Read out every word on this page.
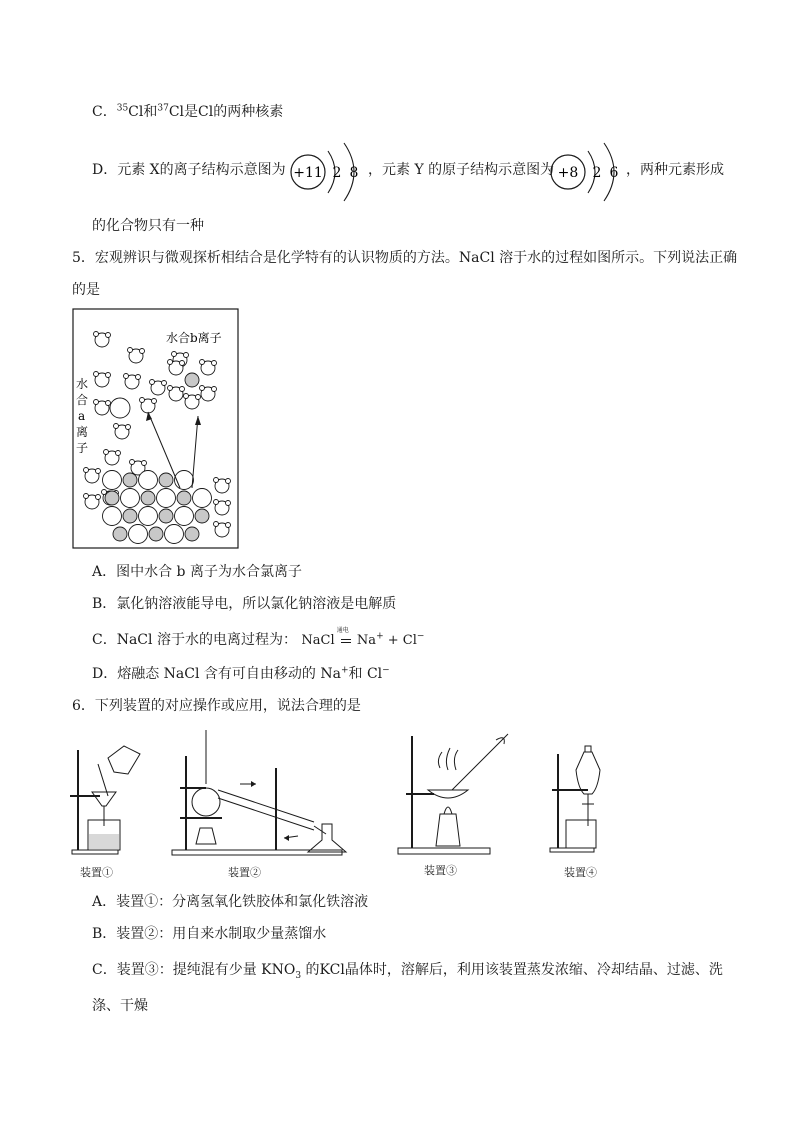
C．$^{35}$Cl和$^{37}$Cl是Cl的两种核素
D．元素 X的离子结构示意图为 +11 2 8 ，元素 Y 的原子结构示意图为 +8 2 6 ，两种元素形成
的化合物只有一种
5．宏观辨识与微观探析相结合是化学特有的认识物质的方法。NaCl 溶于水的过程如图所示。下列说法正确
的是
水合b离子
水
合
a
离
子
A．图中水合 b 离子为水合氯离子
B．氯化钠溶液能导电，所以氯化钠溶液是电解质
C．NaCl 溶于水的电离过程为： NaCl
通电
Na+ + Cl−
D．熔融态 NaCl 含有可自由移动的 Na+和 Cl−
6．下列装置的对应操作或应用，说法合理的是
装置①	装置②	装置③	装置④
A．装置①：分离氢氧化铁胶体和氯化铁溶液
B．装置②：用自来水制取少量蒸馏水
C．装置③：提纯混有少量 $KNO_3$ 的KCl晶体时，溶解后，利用该装置蒸发浓缩、冷却结晶、过滤、洗
涤、干燥
